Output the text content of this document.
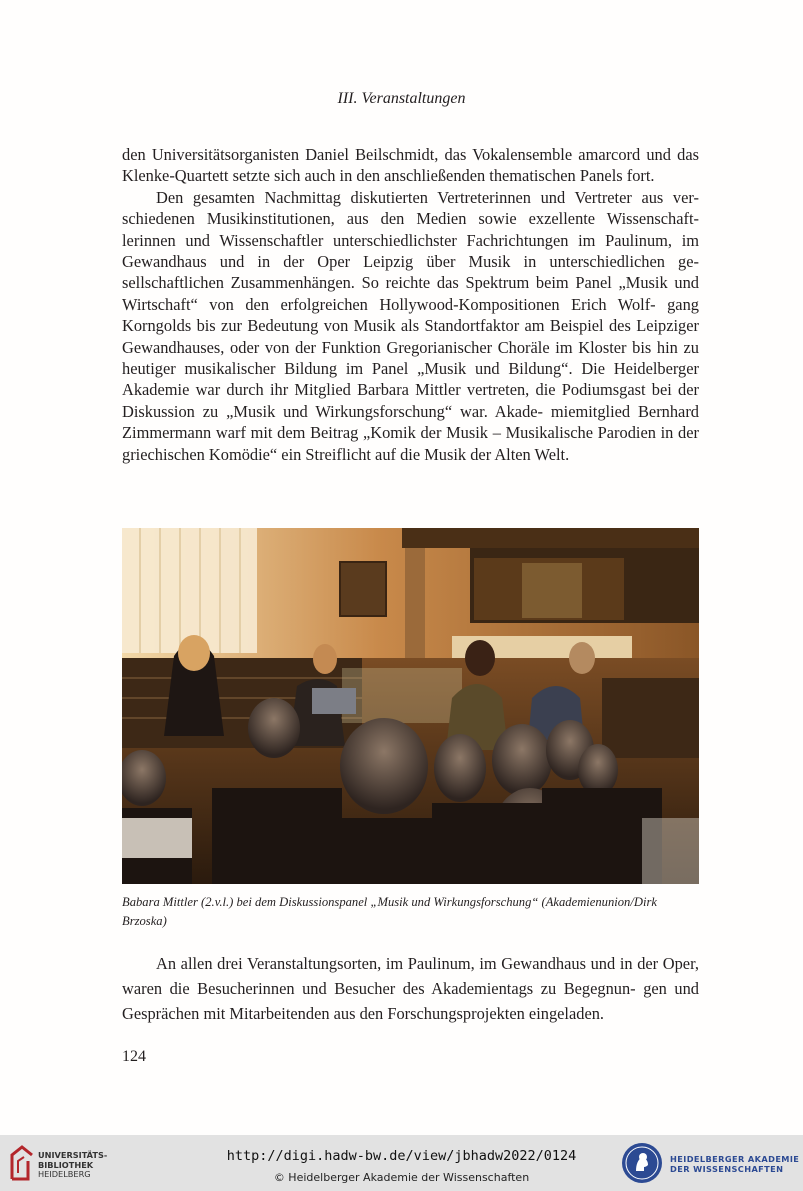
III. Veranstaltungen

den Universitätsorganisten Daniel Beilschmidt, das Vokalensemble amarcord und das Klenke-Quartett setzte sich auch in den anschließenden thematischen Panels fort.

Den gesamten Nachmittag diskutierten Vertreterinnen und Vertreter aus ver- schiedenen Musikinstitutionen, aus den Medien sowie exzellente Wissenschaft- lerinnen und Wissenschaftler unterschiedlichster Fachrichtungen im Paulinum, im Gewandhaus und in der Oper Leipzig über Musik in unterschiedlichen ge- sellschaftlichen Zusammenhängen. So reichte das Spektrum beim Panel „Musik und Wirtschaft“ von den erfolgreichen Hollywood-Kompositionen Erich Wolf- gang Korngolds bis zur Bedeutung von Musik als Standortfaktor am Beispiel des Leipziger Gewandhauses, oder von der Funktion Gregorianischer Choräle im Kloster bis hin zu heutiger musikalischer Bildung im Panel „Musik und Bildung“. Die Heidelberger Akademie war durch ihr Mitglied Barbara Mittler vertreten, die Podiumsgast bei der Diskussion zu „Musik und Wirkungsforschung“ war. Akade- miemitglied Bernhard Zimmermann warf mit dem Beitrag „Komik der Musik – Musikalische Parodien in der griechischen Komödie“ ein Streiflicht auf die Musik der Alten Welt.

Babara Mittler (2.v.l.) bei dem Diskussionspanel „Musik und Wirkungsforschung“ (Akademienunion/Dirk
Brzoska)

An allen drei Veranstaltungsorten, im Paulinum, im Gewandhaus und in der Oper, waren die Besucherinnen und Besucher des Akademientags zu Begegnun- gen und Gesprächen mit Mitarbeitenden aus den Forschungsprojekten eingeladen.

124
UNIVERSITÄTS-
BIBLIOTHEK
HEIDELBERG
http://digi.hadw-bw.de/view/jbhadw2022/0124
© Heidelberger Akademie der Wissenschaften
HEIDELBERGER AKADEMIE
DER WISSENSCHAFTEN
